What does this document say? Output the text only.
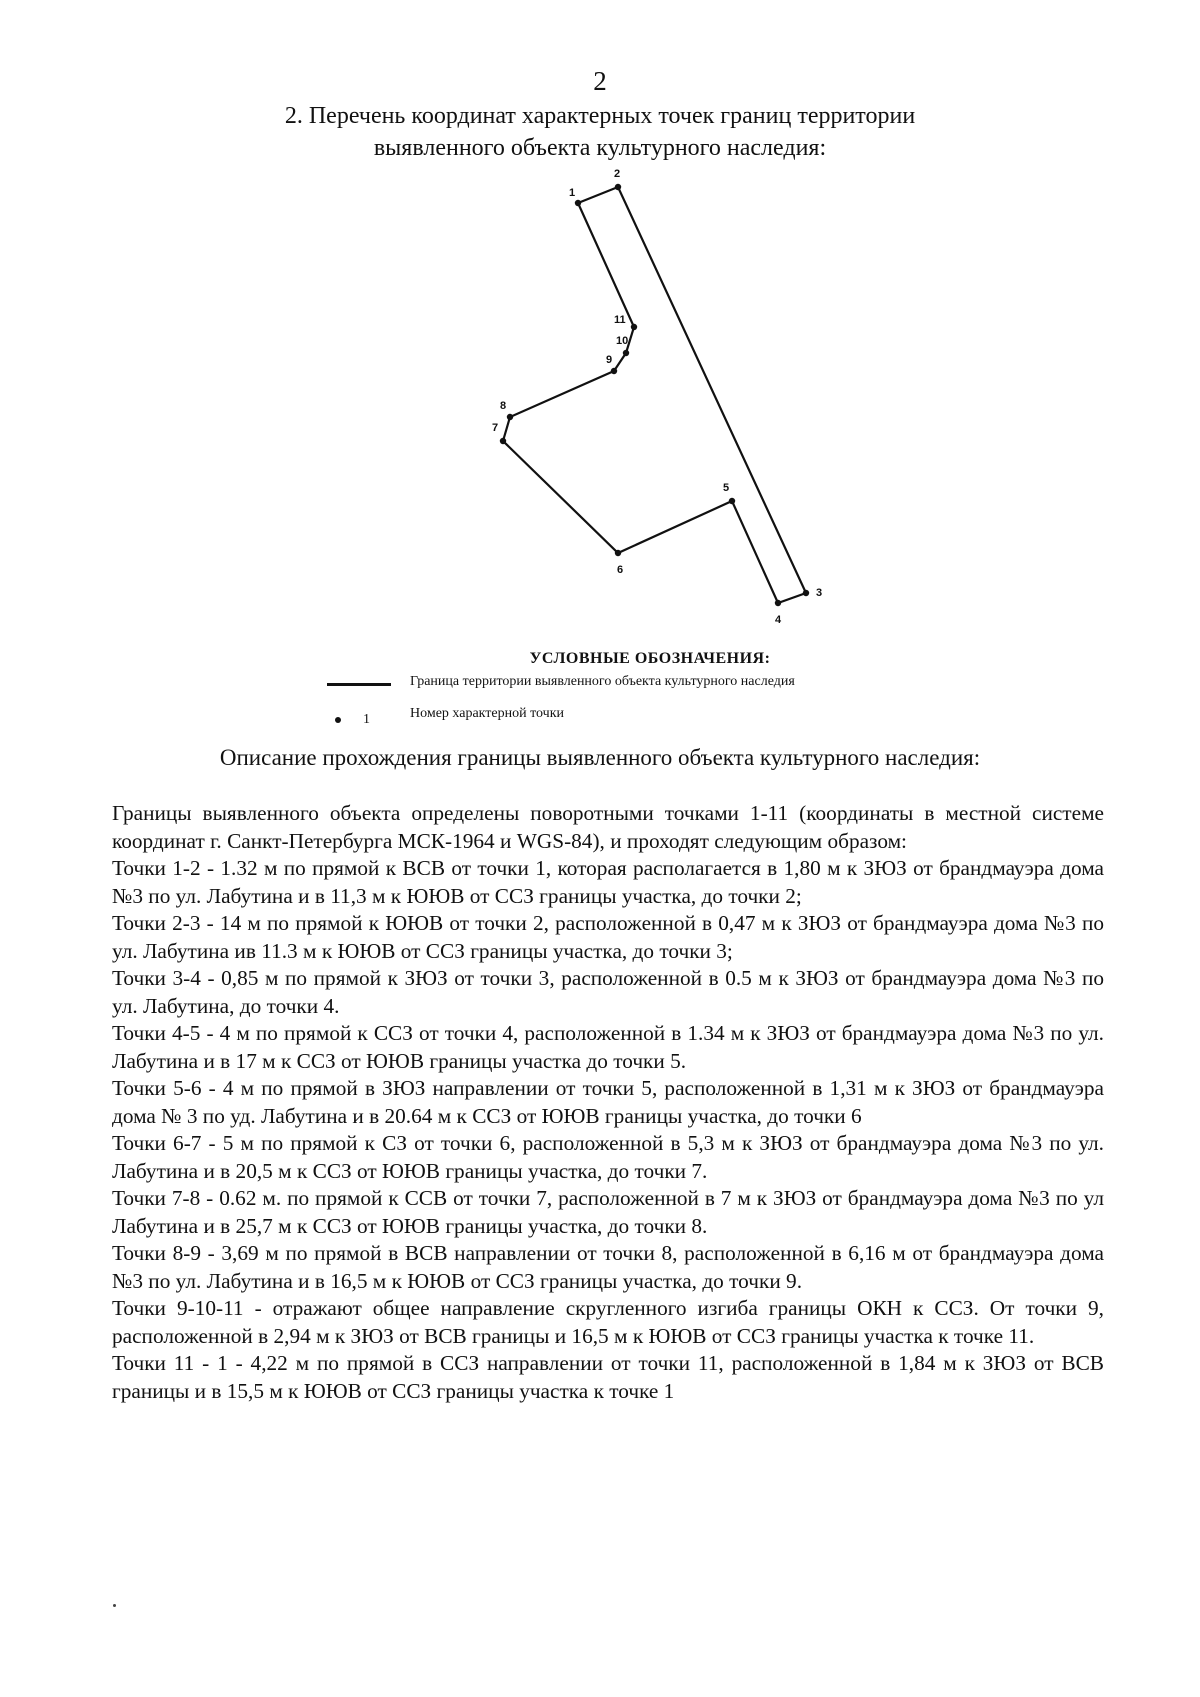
2
2. Перечень координат характерных точек границ территории
выявленного объекта культурного наследия:
1
2
3
4
5
6
7
8
9
10
11
УСЛОВНЫЕ ОБОЗНАЧЕНИЯ:
Граница территории выявленного объекта культурного наследия
1	Номер характерной точки
Описание прохождения границы выявленного объекта культурного наследия:

Границы выявленного объекта определены поворотными точками 1-11 (координаты в местной системе координат г. Санкт-Петербурга МСК-1964 и WGS-84), и проходят следующим образом:

Точки 1-2 - 1.32 м по прямой к ВСВ от точки 1, которая располагается в 1,80 м к ЗЮЗ от брандмауэра дома №3 по ул. Лабутина и в 11,3 м к ЮЮВ от ССЗ границы участка, до точки 2;

Точки 2-3 - 14 м по прямой к ЮЮВ от точки 2, расположенной в 0,47 м к ЗЮЗ от брандмауэра дома №3 по ул. Лабутина ив 11.3 м к ЮЮВ от ССЗ границы участка, до точки 3;

Точки 3-4 - 0,85 м по прямой к ЗЮЗ от точки 3, расположенной в 0.5 м к ЗЮЗ от брандмауэра дома №3 по ул. Лабутина, до точки 4.

Точки 4-5 - 4 м по прямой к ССЗ от точки 4, расположенной в 1.34 м к ЗЮЗ от брандмауэра дома №3 по ул. Лабутина и в 17 м к ССЗ от ЮЮВ границы участка до точки 5.

Точки 5-6 - 4 м по прямой в ЗЮЗ направлении от точки 5, расположенной в 1,31 м к ЗЮЗ от брандмауэра дома № 3 по уд. Лабутина и в 20.64 м к ССЗ от ЮЮВ границы участка, до точки 6

Точки 6-7 - 5 м по прямой к СЗ от точки 6, расположенной в 5,3 м к ЗЮЗ от брандмауэра дома №3 по ул. Лабутина и в 20,5 м к ССЗ от ЮЮВ границы участка, до точки 7.

Точки 7-8 - 0.62 м. по прямой к ССВ от точки 7, расположенной в 7 м к ЗЮЗ от брандмауэра дома №3 по ул Лабутина и в 25,7 м к ССЗ от ЮЮВ границы участка, до точки 8.

Точки 8-9 - 3,69 м по прямой в ВСВ направлении от точки 8, расположенной в 6,16 м от брандмауэра дома №3 по ул. Лабутина и в 16,5 м к ЮЮВ от ССЗ границы участка, до точки 9.

Точки 9-10-11 - отражают общее направление скругленного изгиба границы ОКН к ССЗ. От точки 9, расположенной в 2,94 м к ЗЮЗ от ВСВ границы и 16,5 м к ЮЮВ от ССЗ границы участка к точке 11.

Точки 11 - 1 - 4,22 м по прямой в ССЗ направлении от точки 11, расположенной в 1,84 м к ЗЮЗ от ВСВ границы и в 15,5 м к ЮЮВ от ССЗ границы участка к точке 1
